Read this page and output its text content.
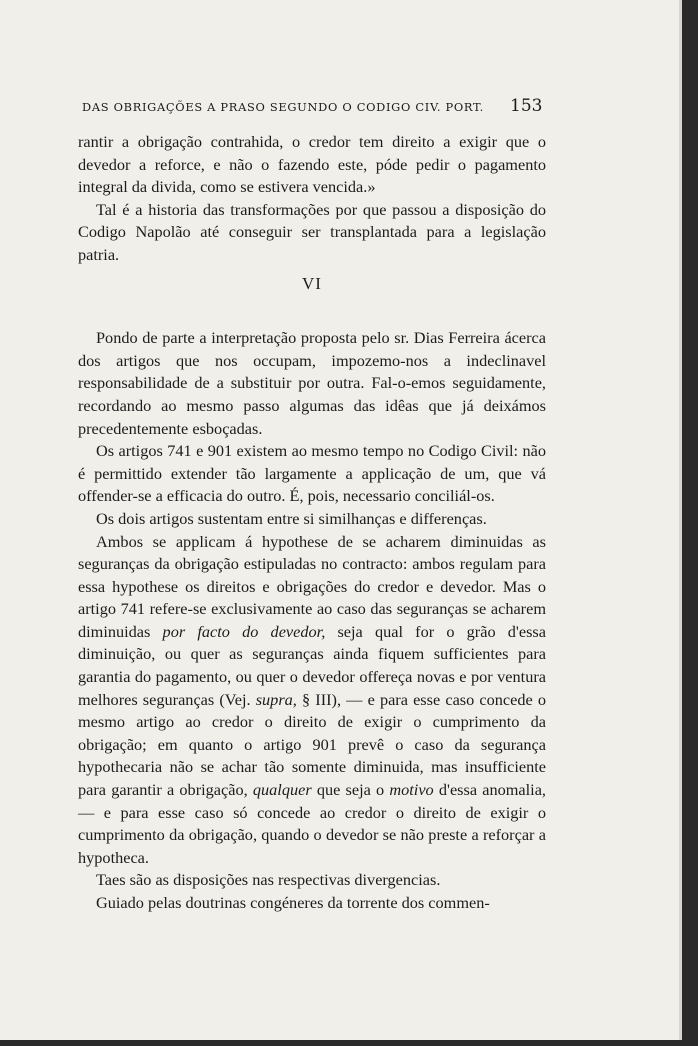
DAS OBRIGAÇÕES A PRASO SEGUNDO O CODIGO CIV. PORT.	153

rantir a obrigação contrahida, o credor tem direito a exigir que o devedor a reforce, e não o fazendo este, póde pedir o pagamento integral da divida, como se estivera vencida.»

Tal é a historia das transformações por que passou a disposição do Codigo Napolão até conseguir ser transplantada para a legislação patria.

VI

Pondo de parte a interpretação proposta pelo sr. Dias Ferreira ácerca dos artigos que nos occupam, impozemo-nos a indeclinavel responsabilidade de a substituir por outra. Fal-o-emos seguidamente, recordando ao mesmo passo algumas das idêas que já deixámos precedentemente esboçadas.

Os artigos 741 e 901 existem ao mesmo tempo no Codigo Civil: não é permittido extender tão largamente a applicação de um, que vá offender-se a efficacia do outro. É, pois, necessario conciliál-os.

Os dois artigos sustentam entre si similhanças e differenças.

Ambos se applicam á hypothese de se acharem diminuidas as seguranças da obrigação estipuladas no contracto: ambos regulam para essa hypothese os direitos e obrigações do credor e devedor. Mas o artigo 741 refere-se exclusivamente ao caso das seguranças se acharem diminuidas por facto do devedor, seja qual for o grão d'essa diminuição, ou quer as seguranças ainda fiquem sufficientes para garantia do pagamento, ou quer o devedor offereça novas e por ventura melhores seguranças (Vej. supra, § III), — e para esse caso concede o mesmo artigo ao credor o direito de exigir o cumprimento da obrigação; em quanto o artigo 901 prevê o caso da segurança hypothecaria não se achar tão somente diminuida, mas insufficiente para garantir a obrigação, qualquer que seja o motivo d'essa anomalia, — e para esse caso só concede ao credor o direito de exigir o cumprimento da obrigação, quando o devedor se não preste a reforçar a hypotheca.

Taes são as disposições nas respectivas divergencias.

Guiado pelas doutrinas congéneres da torrente dos commen-
